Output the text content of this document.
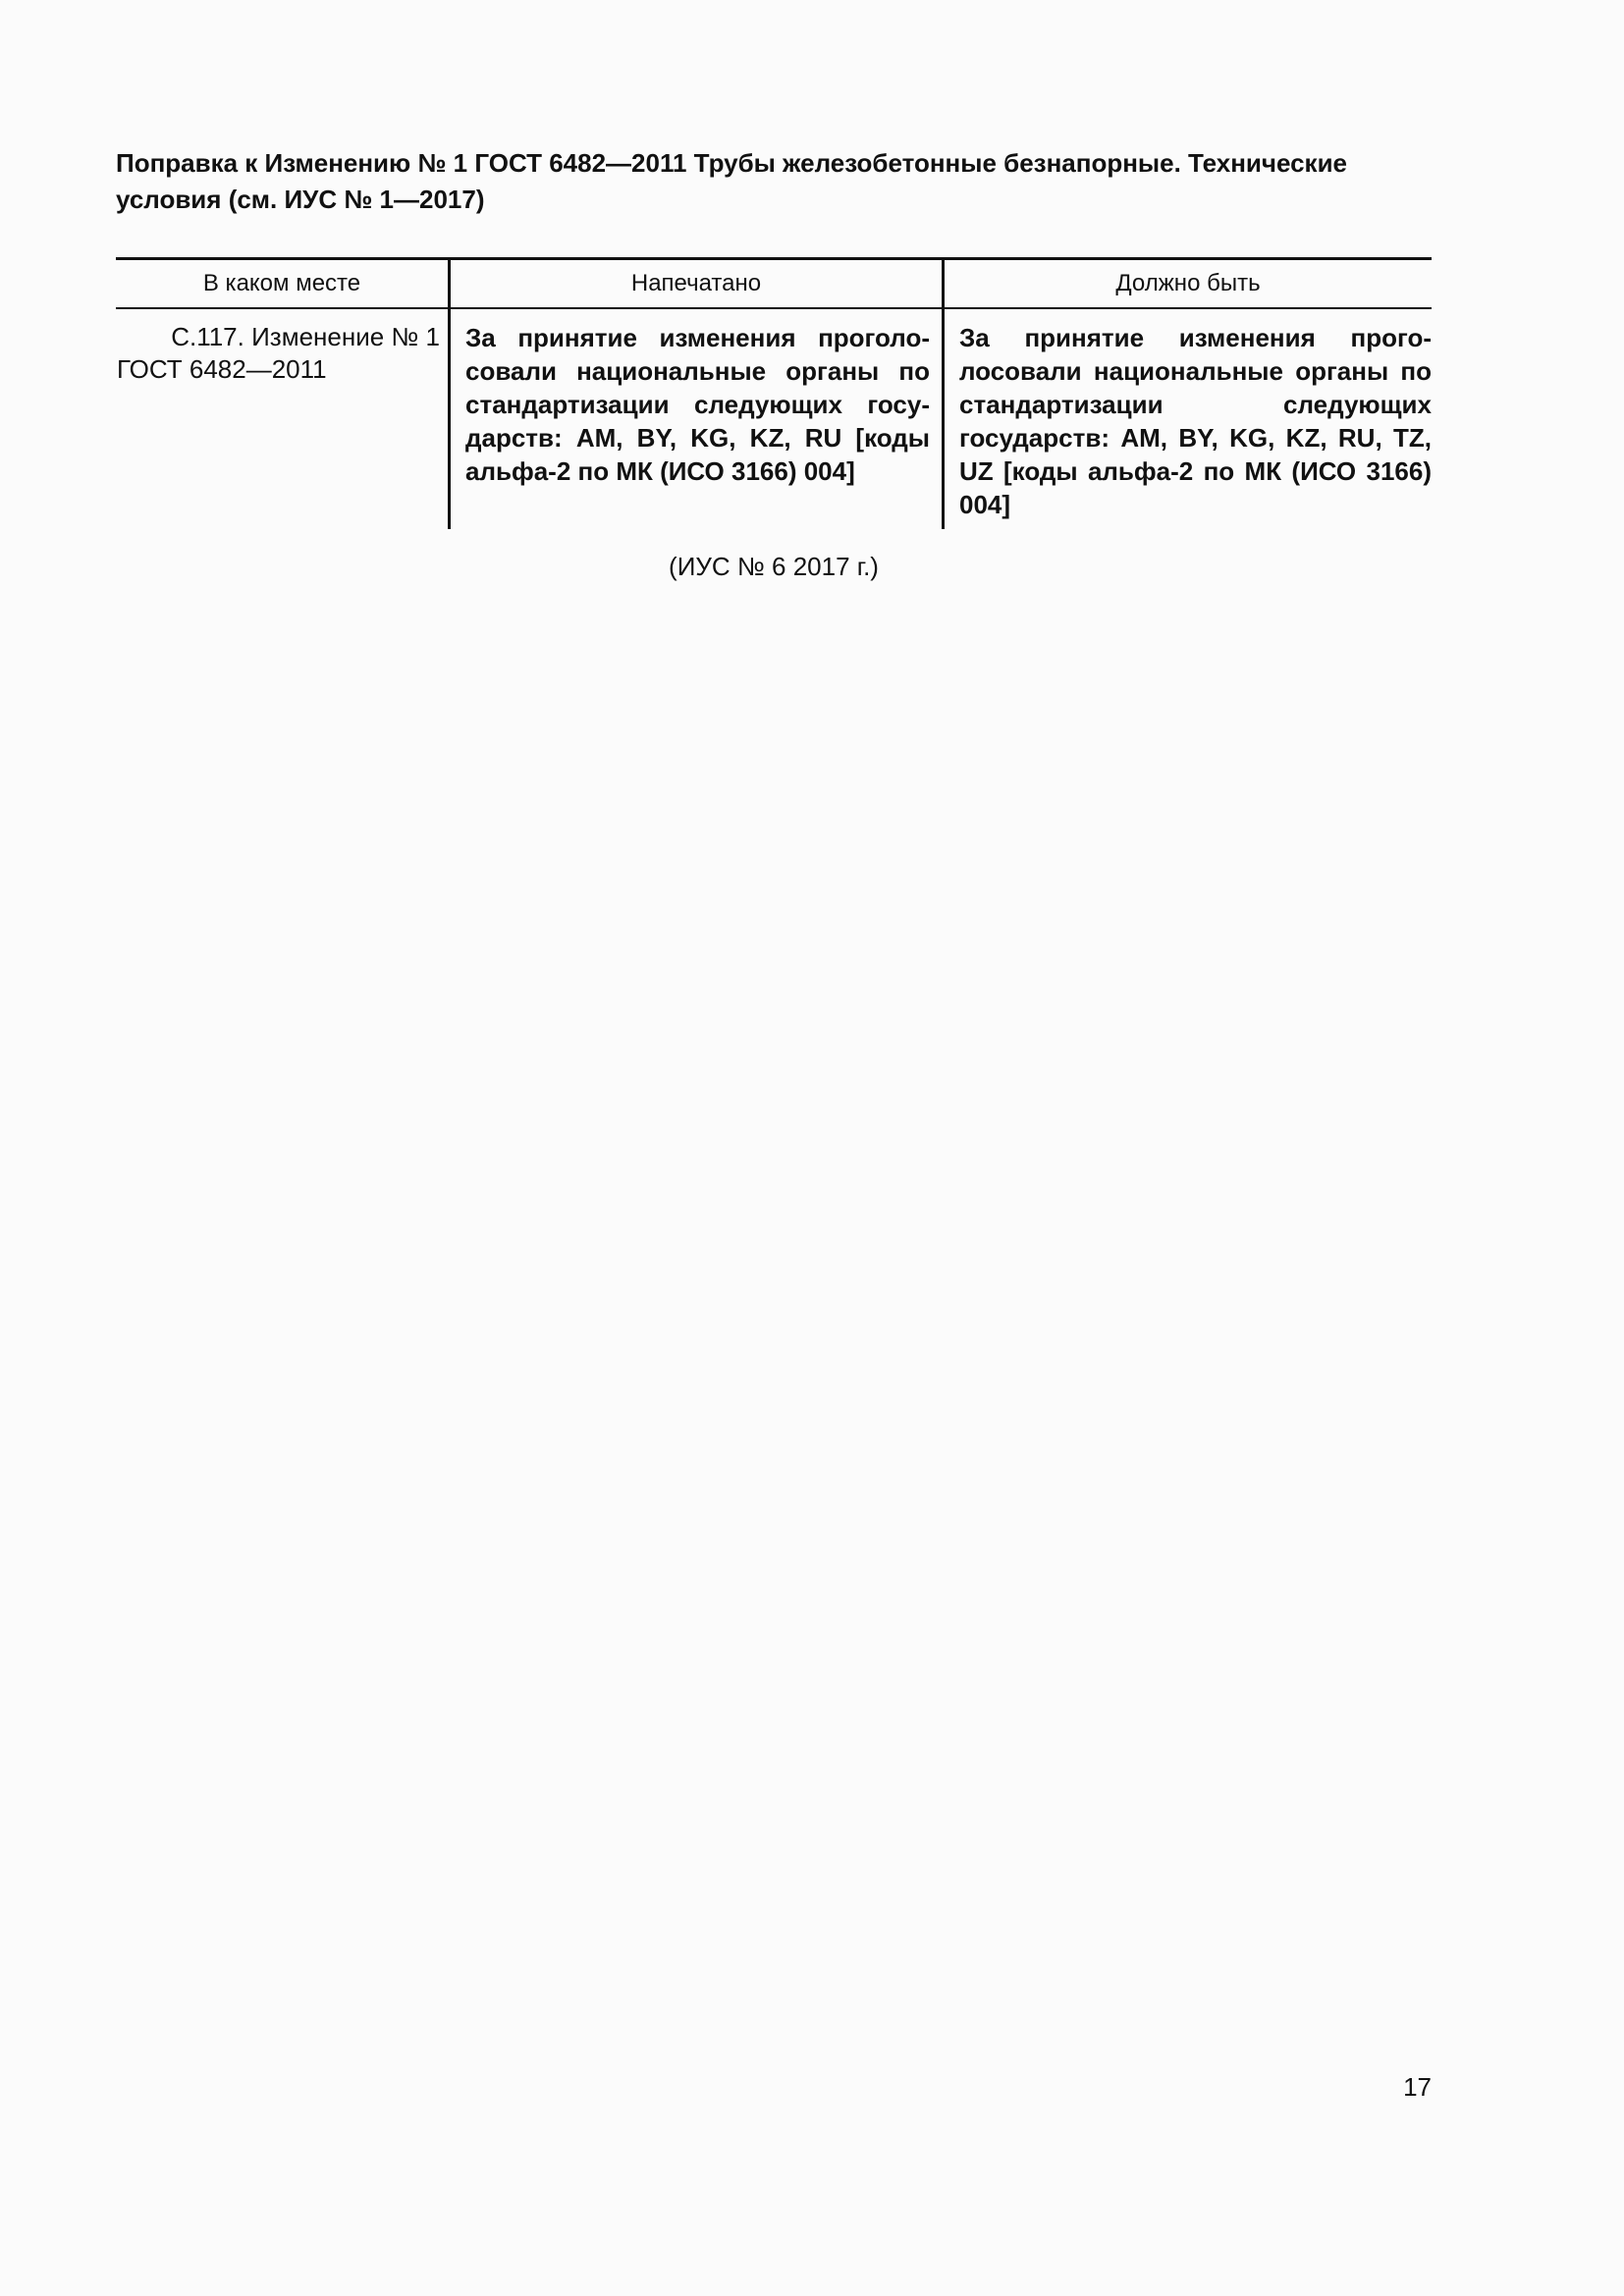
Поправка к Изменению № 1 ГОСТ 6482—2011 Трубы железобетонные безнапорные. Технические условия (см. ИУС № 1—2017)

В каком месте	Напечатано	Должно быть

С.117. Изменение № 1
ГОСТ 6482—2011	За принятие изменения проголосовали национальные органы по стандартизации следующих государств: AM, BY, KG, KZ, RU [коды альфа-2 по МК (ИСО 3166) 004]	За принятие изменения проголосовали национальные органы по стандартизации следующих государств: AM, BY, KG, KZ, RU, TZ, UZ [коды альфа-2 по МК (ИСО 3166) 004]
(ИУС № 6 2017 г.)
17
